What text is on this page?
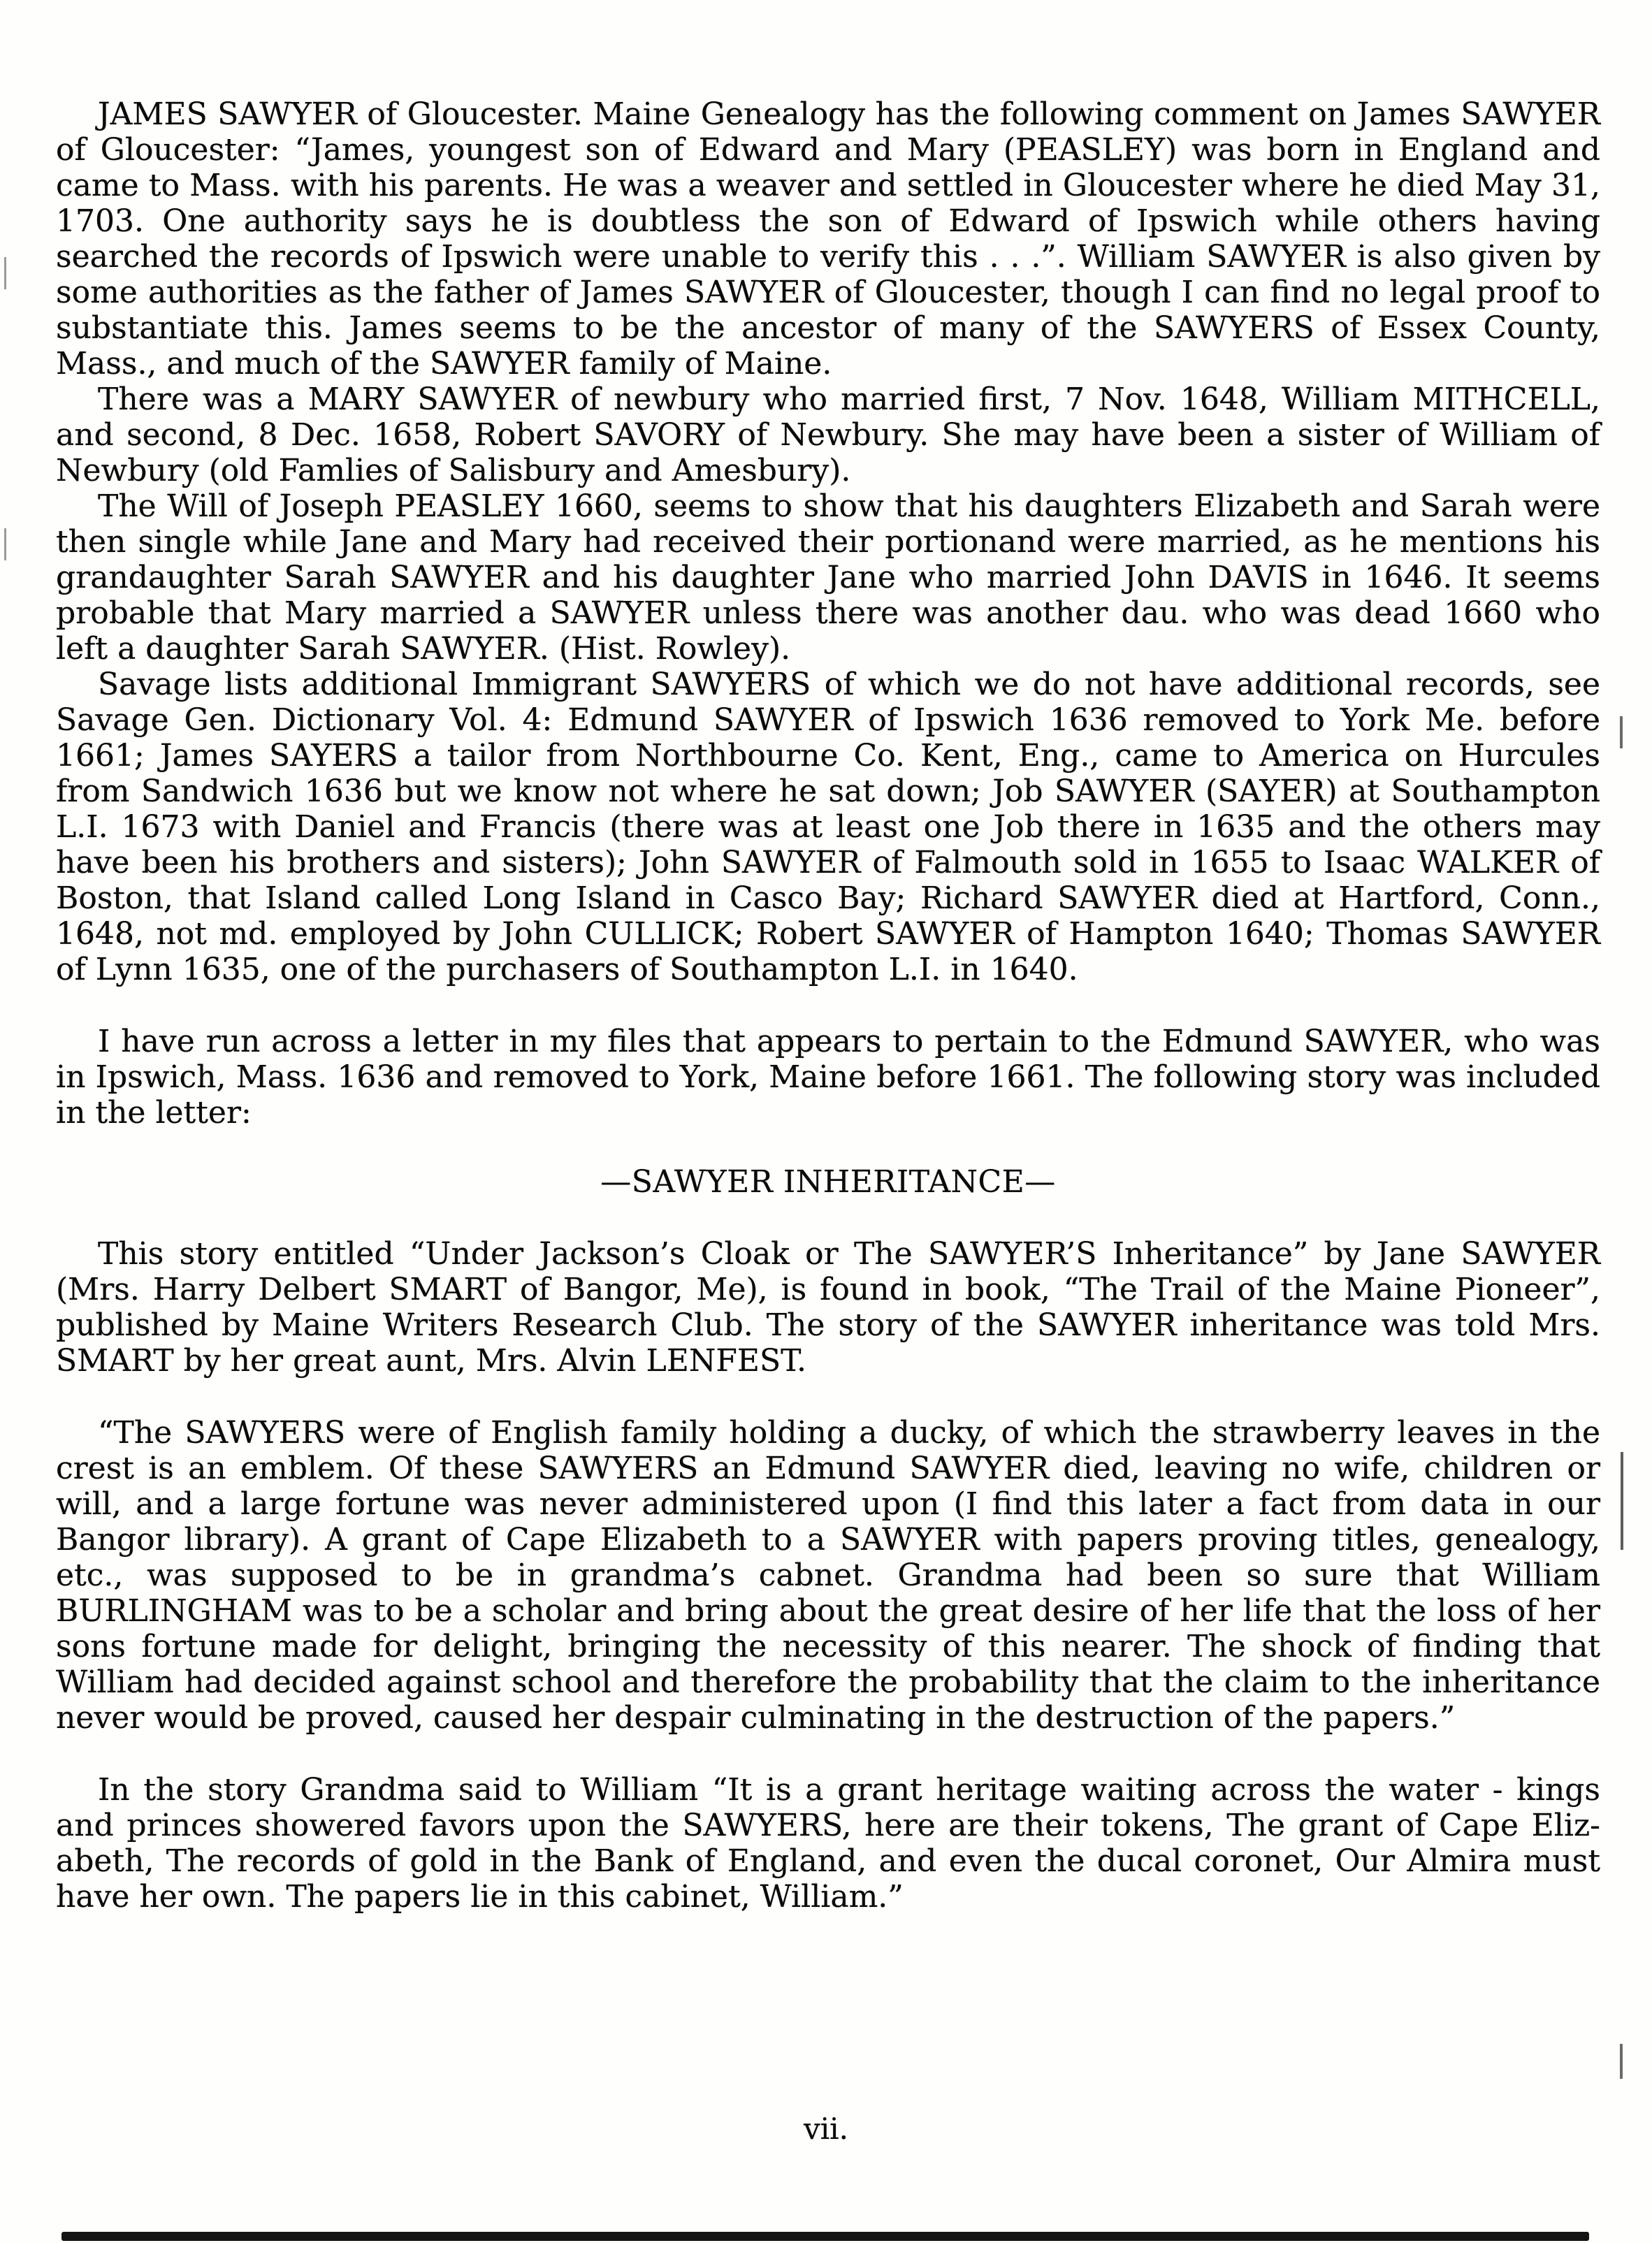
JAMES SAWYER of Gloucester. Maine Genealogy has the following comment on James SAWYER of Gloucester: “James, youngest son of Edward and Mary (PEASLEY) was born in England and came to Mass. with his parents. He was a weaver and settled in Gloucester where he died May 31, 1703. One authority says he is doubtless the son of Edward of Ipswich while others having searched the records of Ipswich were unable to verify this . . .”. William SAWYER is also given by some authorities as the father of James SAWYER of Gloucester, though I can find no legal proof to substantiate this. James seems to be the ancestor of many of the SAWYERS of Essex County, Mass., and much of the SAWYER family of Maine.

There was a MARY SAWYER of newbury who married first, 7 Nov. 1648, William MITHCELL, and second, 8 Dec. 1658, Robert SAVORY of Newbury. She may have been a sister of William of Newbury (old Famlies of Salisbury and Amesbury).

The Will of Joseph PEASLEY 1660, seems to show that his daughters Elizabeth and Sarah were then single while Jane and Mary had received their portionand were married, as he mentions his grandaughter Sarah SAWYER and his daughter Jane who married John DAVIS in 1646. It seems probable that Mary married a SAWYER unless there was another dau. who was dead 1660 who left a daughter Sarah SAWYER. (Hist. Rowley).

Savage lists additional Immigrant SAWYERS of which we do not have additional records, see Savage Gen. Dictionary Vol. 4: Edmund SAWYER of Ipswich 1636 removed to York Me. before 1661; James SAYERS a tailor from Northbourne Co. Kent, Eng., came to America on Hurcules from Sandwich 1636 but we know not where he sat down; Job SAWYER (SAYER) at Southampton L.I. 1673 with Daniel and Francis (there was at least one Job there in 1635 and the others may have been his brothers and sisters); John SAWYER of Falmouth sold in 1655 to Isaac WALKER of Boston, that Island called Long Island in Casco Bay; Richard SAWYER died at Hartford, Conn., 1648, not md. employed by John CULLICK; Robert SAWYER of Hampton 1640; Thomas SAWYER of Lynn 1635, one of the purchasers of Southampton L.I. in 1640.

I have run across a letter in my files that appears to pertain to the Edmund SAWYER, who was in Ipswich, Mass. 1636 and removed to York, Maine before 1661. The following story was included in the letter:

—SAWYER INHERITANCE—

This story entitled “Under Jackson’s Cloak or The SAWYER’S Inheritance” by Jane SAWYER (Mrs. Harry Delbert SMART of Bangor, Me), is found in book, “The Trail of the Maine Pioneer”, published by Maine Writers Research Club. The story of the SAWYER inheritance was told Mrs. SMART by her great aunt, Mrs. Alvin LENFEST.

“The SAWYERS were of English family holding a ducky, of which the strawberry leaves in the crest is an emblem. Of these SAWYERS an Edmund SAWYER died, leaving no wife, children or will, and a large fortune was never administered upon (I find this later a fact from data in our Bangor library). A grant of Cape Elizabeth to a SAWYER with papers proving titles, genealogy, etc., was supposed to be in grandma’s cabnet. Grandma had been so sure that William BURLINGHAM was to be a scholar and bring about the great desire of her life that the loss of her sons fortune made for delight, bringing the necessity of this nearer. The shock of finding that William had decided against school and therefore the probability that the claim to the inheritance never would be proved, caused her despair culminating in the destruction of the papers.”

In the story Grandma said to William “It is a grant heritage waiting across the water - kings and princes showered favors upon the SAWYERS, here are their tokens, The grant of Cape Eliz-abeth, The records of gold in the Bank of England, and even the ducal coronet, Our Almira must have her own. The papers lie in this cabinet, William.”

vii.
